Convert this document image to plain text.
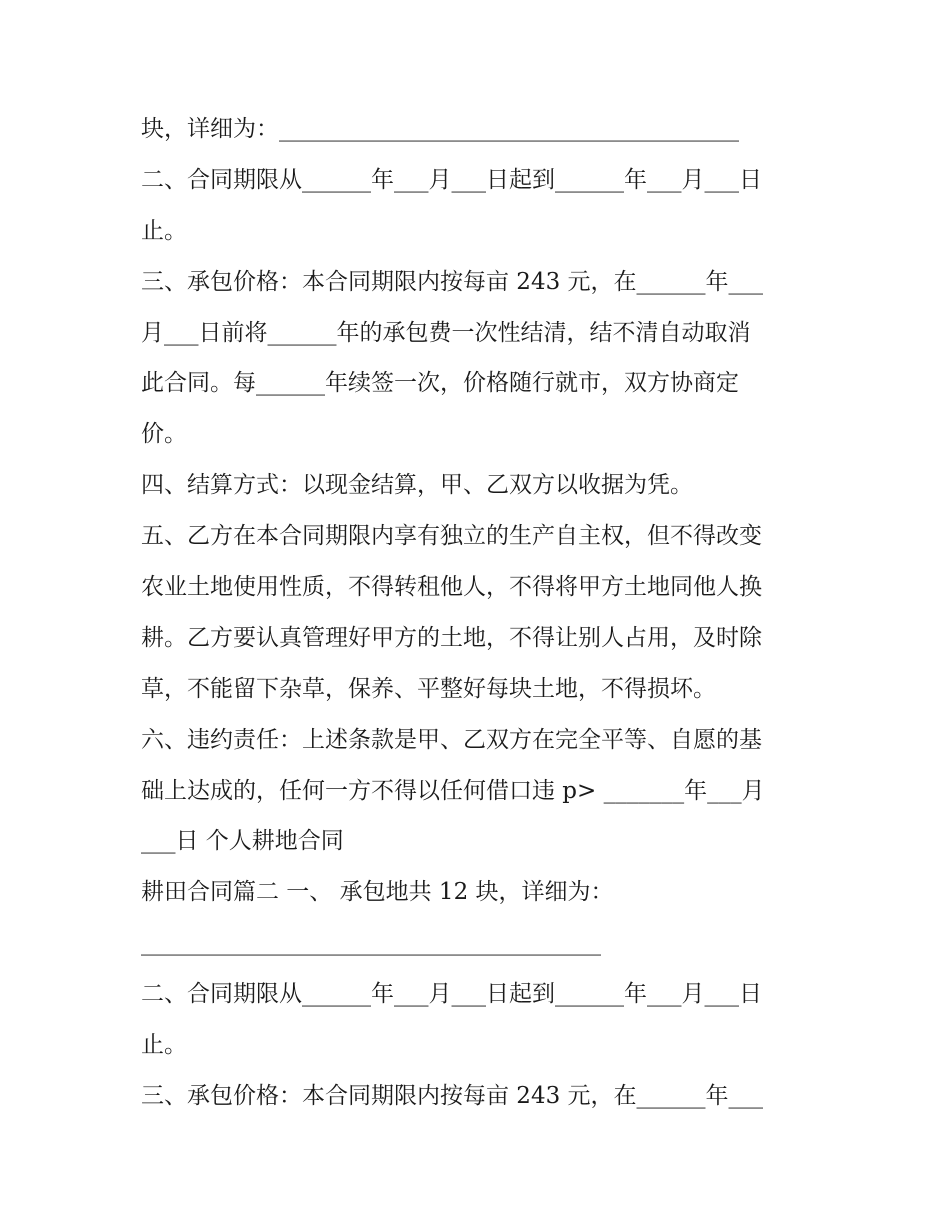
块，详细为：________________________________________
二、合同期限从______年___月___日起到______年___月___日
止。
三、承包价格：本合同期限内按每亩 243 元，在______年___
月___日前将______年的承包费一次性结清，结不清自动取消
此合同。每______年续签一次，价格随行就市，双方协商定
价。
四、结算方式：以现金结算，甲、乙双方以收据为凭。
五、乙方在本合同期限内享有独立的生产自主权，但不得改变
农业土地使用性质，不得转租他人，不得将甲方土地同他人换
耕。乙方要认真管理好甲方的土地，不得让别人占用，及时除
草，不能留下杂草，保养、平整好每块土地，不得损坏。
六、违约责任：上述条款是甲、乙双方在完全平等、自愿的基
础上达成的，任何一方不得以任何借口违 p> _______年___月
___日 个人耕地合同
耕田合同篇二 一、 承包地共 12 块，详细为：
________________________________________
二、合同期限从______年___月___日起到______年___月___日
止。
三、承包价格：本合同期限内按每亩 243 元，在______年___
